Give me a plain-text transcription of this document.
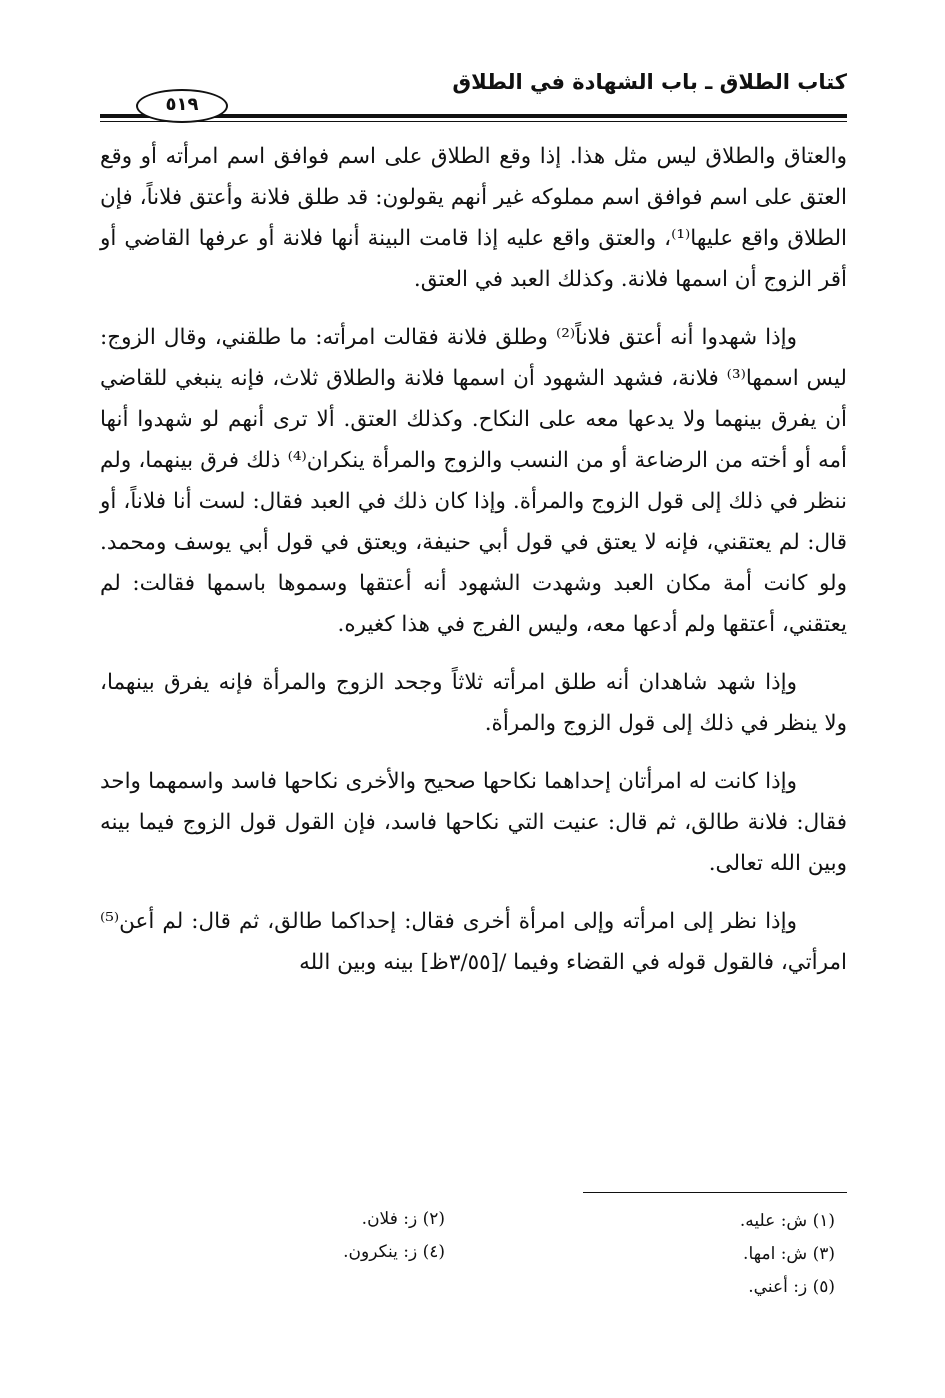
كتاب الطلاق ـ باب الشهادة في الطلاق
٥١٩

والعتاق والطلاق ليس مثل هذا. إذا وقع الطلاق على اسم فوافق اسم امرأته أو وقع العتق على اسم فوافق اسم مملوكه غير أنهم يقولون: قد طلق فلانة وأعتق فلاناً، فإن الطلاق واقع عليها⁽¹⁾، والعتق واقع عليه إذا قامت البينة أنها فلانة أو عرفها القاضي أو أقر الزوج أن اسمها فلانة. وكذلك العبد في العتق.

وإذا شهدوا أنه أعتق فلاناً⁽²⁾ وطلق فلانة فقالت امرأته: ما طلقني، وقال الزوج: ليس اسمها⁽³⁾ فلانة، فشهد الشهود أن اسمها فلانة والطلاق ثلاث، فإنه ينبغي للقاضي أن يفرق بينهما ولا يدعها معه على النكاح. وكذلك العتق. ألا ترى أنهم لو شهدوا أنها أمه أو أخته من الرضاعة أو من النسب والزوج والمرأة ينكران⁽⁴⁾ ذلك فرق بينهما، ولم ننظر في ذلك إلى قول الزوج والمرأة. وإذا كان ذلك في العبد فقال: لست أنا فلاناً، أو قال: لم يعتقني، فإنه لا يعتق في قول أبي حنيفة، ويعتق في قول أبي يوسف ومحمد. ولو كانت أمة مكان العبد وشهدت الشهود أنه أعتقها وسموها باسمها فقالت: لم يعتقني، أعتقها ولم أدعها معه، وليس الفرج في هذا كغيره.

وإذا شهد شاهدان أنه طلق امرأته ثلاثاً وجحد الزوج والمرأة فإنه يفرق بينهما، ولا ينظر في ذلك إلى قول الزوج والمرأة.

وإذا كانت له امرأتان إحداهما نكاحها صحيح والأخرى نكاحها فاسد واسمهما واحد فقال: فلانة طالق، ثم قال: عنيت التي نكاحها فاسد، فإن القول قول الزوج فيما بينه وبين الله تعالى.

وإذا نظر إلى امرأته وإلى امرأة أخرى فقال: إحداكما طالق، ثم قال: لم أعن⁽⁵⁾ امرأتي، فالقول قوله في القضاء وفيما /[٣/٥٥ظ] بينه وبين الله

(١) ش: عليه.
(٣) ش: امها.
(٥) ز: أعني.
(٢) ز: فلان.
(٤) ز: ينكرون.
